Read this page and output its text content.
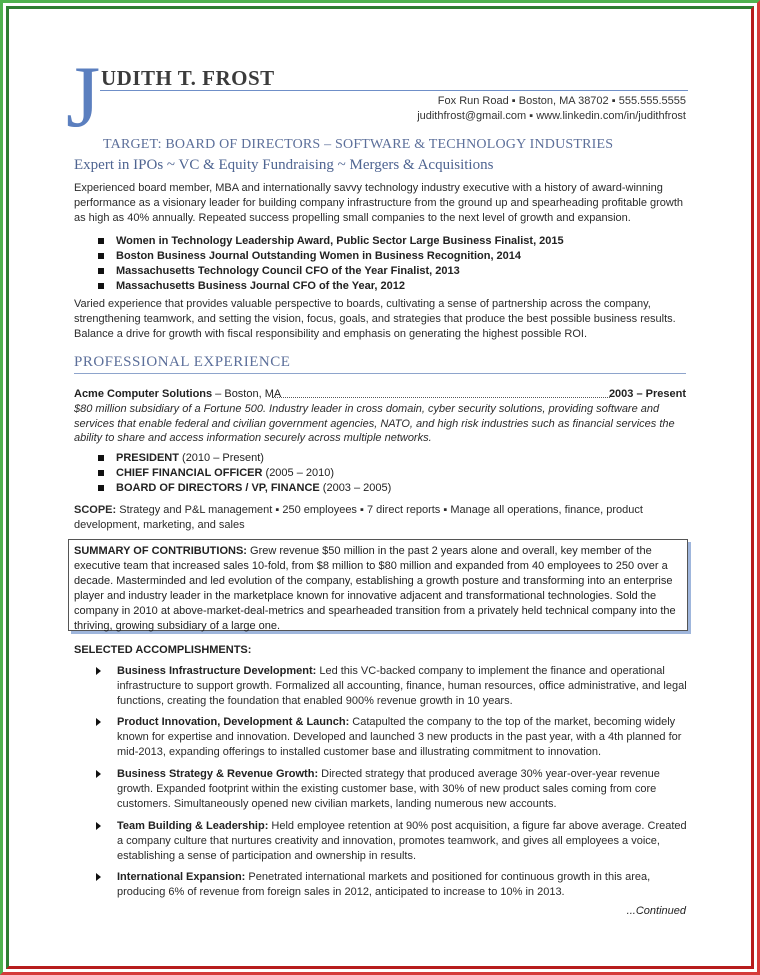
J UDITH T. FROST
Fox Run Road ▪ Boston, MA 38702 ▪ 555.555.5555
judithfrost@gmail.com ▪ www.linkedin.com/in/judithfrost
TARGET: BOARD OF DIRECTORS – SOFTWARE & TECHNOLOGY INDUSTRIES
Expert in IPOs ~ VC & Equity Fundraising ~ Mergers & Acquisitions
Experienced board member, MBA and internationally savvy technology industry executive with a history of award-winning performance as a visionary leader for building company infrastructure from the ground up and spearheading profitable growth as high as 40% annually. Repeated success propelling small companies to the next level of growth and expansion.
Women in Technology Leadership Award, Public Sector Large Business Finalist, 2015
Boston Business Journal Outstanding Women in Business Recognition, 2014
Massachusetts Technology Council CFO of the Year Finalist, 2013
Massachusetts Business Journal CFO of the Year, 2012
Varied experience that provides valuable perspective to boards, cultivating a sense of partnership across the company, strengthening teamwork, and setting the vision, focus, goals, and strategies that produce the best possible business results. Balance a drive for growth with fiscal responsibility and emphasis on generating the highest possible ROI.
PROFESSIONAL EXPERIENCE
Acme Computer Solutions – Boston, MA	2003 – Present
$80 million subsidiary of a Fortune 500. Industry leader in cross domain, cyber security solutions, providing software and services that enable federal and civilian government agencies, NATO, and high risk industries such as financial services the ability to share and access information securely across multiple networks.
PRESIDENT (2010 – Present)
CHIEF FINANCIAL OFFICER (2005 – 2010)
BOARD OF DIRECTORS / VP, FINANCE (2003 – 2005)
SCOPE: Strategy and P&L management ▪ 250 employees ▪ 7 direct reports ▪ Manage all operations, finance, product development, marketing, and sales
SUMMARY OF CONTRIBUTIONS: Grew revenue $50 million in the past 2 years alone and overall, key member of the executive team that increased sales 10-fold, from $8 million to $80 million and expanded from 40 employees to 250 over a decade. Masterminded and led evolution of the company, establishing a growth posture and transforming into an enterprise player and industry leader in the marketplace known for innovative adjacent and transformational technologies. Sold the company in 2010 at above-market-deal-metrics and spearheaded transition from a privately held technical company into the thriving, growing subsidiary of a large one.
SELECTED ACCOMPLISHMENTS:
Business Infrastructure Development: Led this VC-backed company to implement the finance and operational infrastructure to support growth. Formalized all accounting, finance, human resources, office administrative, and legal functions, creating the foundation that enabled 900% revenue growth in 10 years.
Product Innovation, Development & Launch: Catapulted the company to the top of the market, becoming widely known for expertise and innovation. Developed and launched 3 new products in the past year, with a 4th planned for mid-2013, expanding offerings to installed customer base and illustrating commitment to innovation.
Business Strategy & Revenue Growth: Directed strategy that produced average 30% year-over-year revenue growth. Expanded footprint within the existing customer base, with 30% of new product sales coming from core customers. Simultaneously opened new civilian markets, landing numerous new accounts.
Team Building & Leadership: Held employee retention at 90% post acquisition, a figure far above average. Created a company culture that nurtures creativity and innovation, promotes teamwork, and gives all employees a voice, establishing a sense of participation and ownership in results.
International Expansion: Penetrated international markets and positioned for continuous growth in this area, producing 6% of revenue from foreign sales in 2012, anticipated to increase to 10% in 2013.
...Continued
